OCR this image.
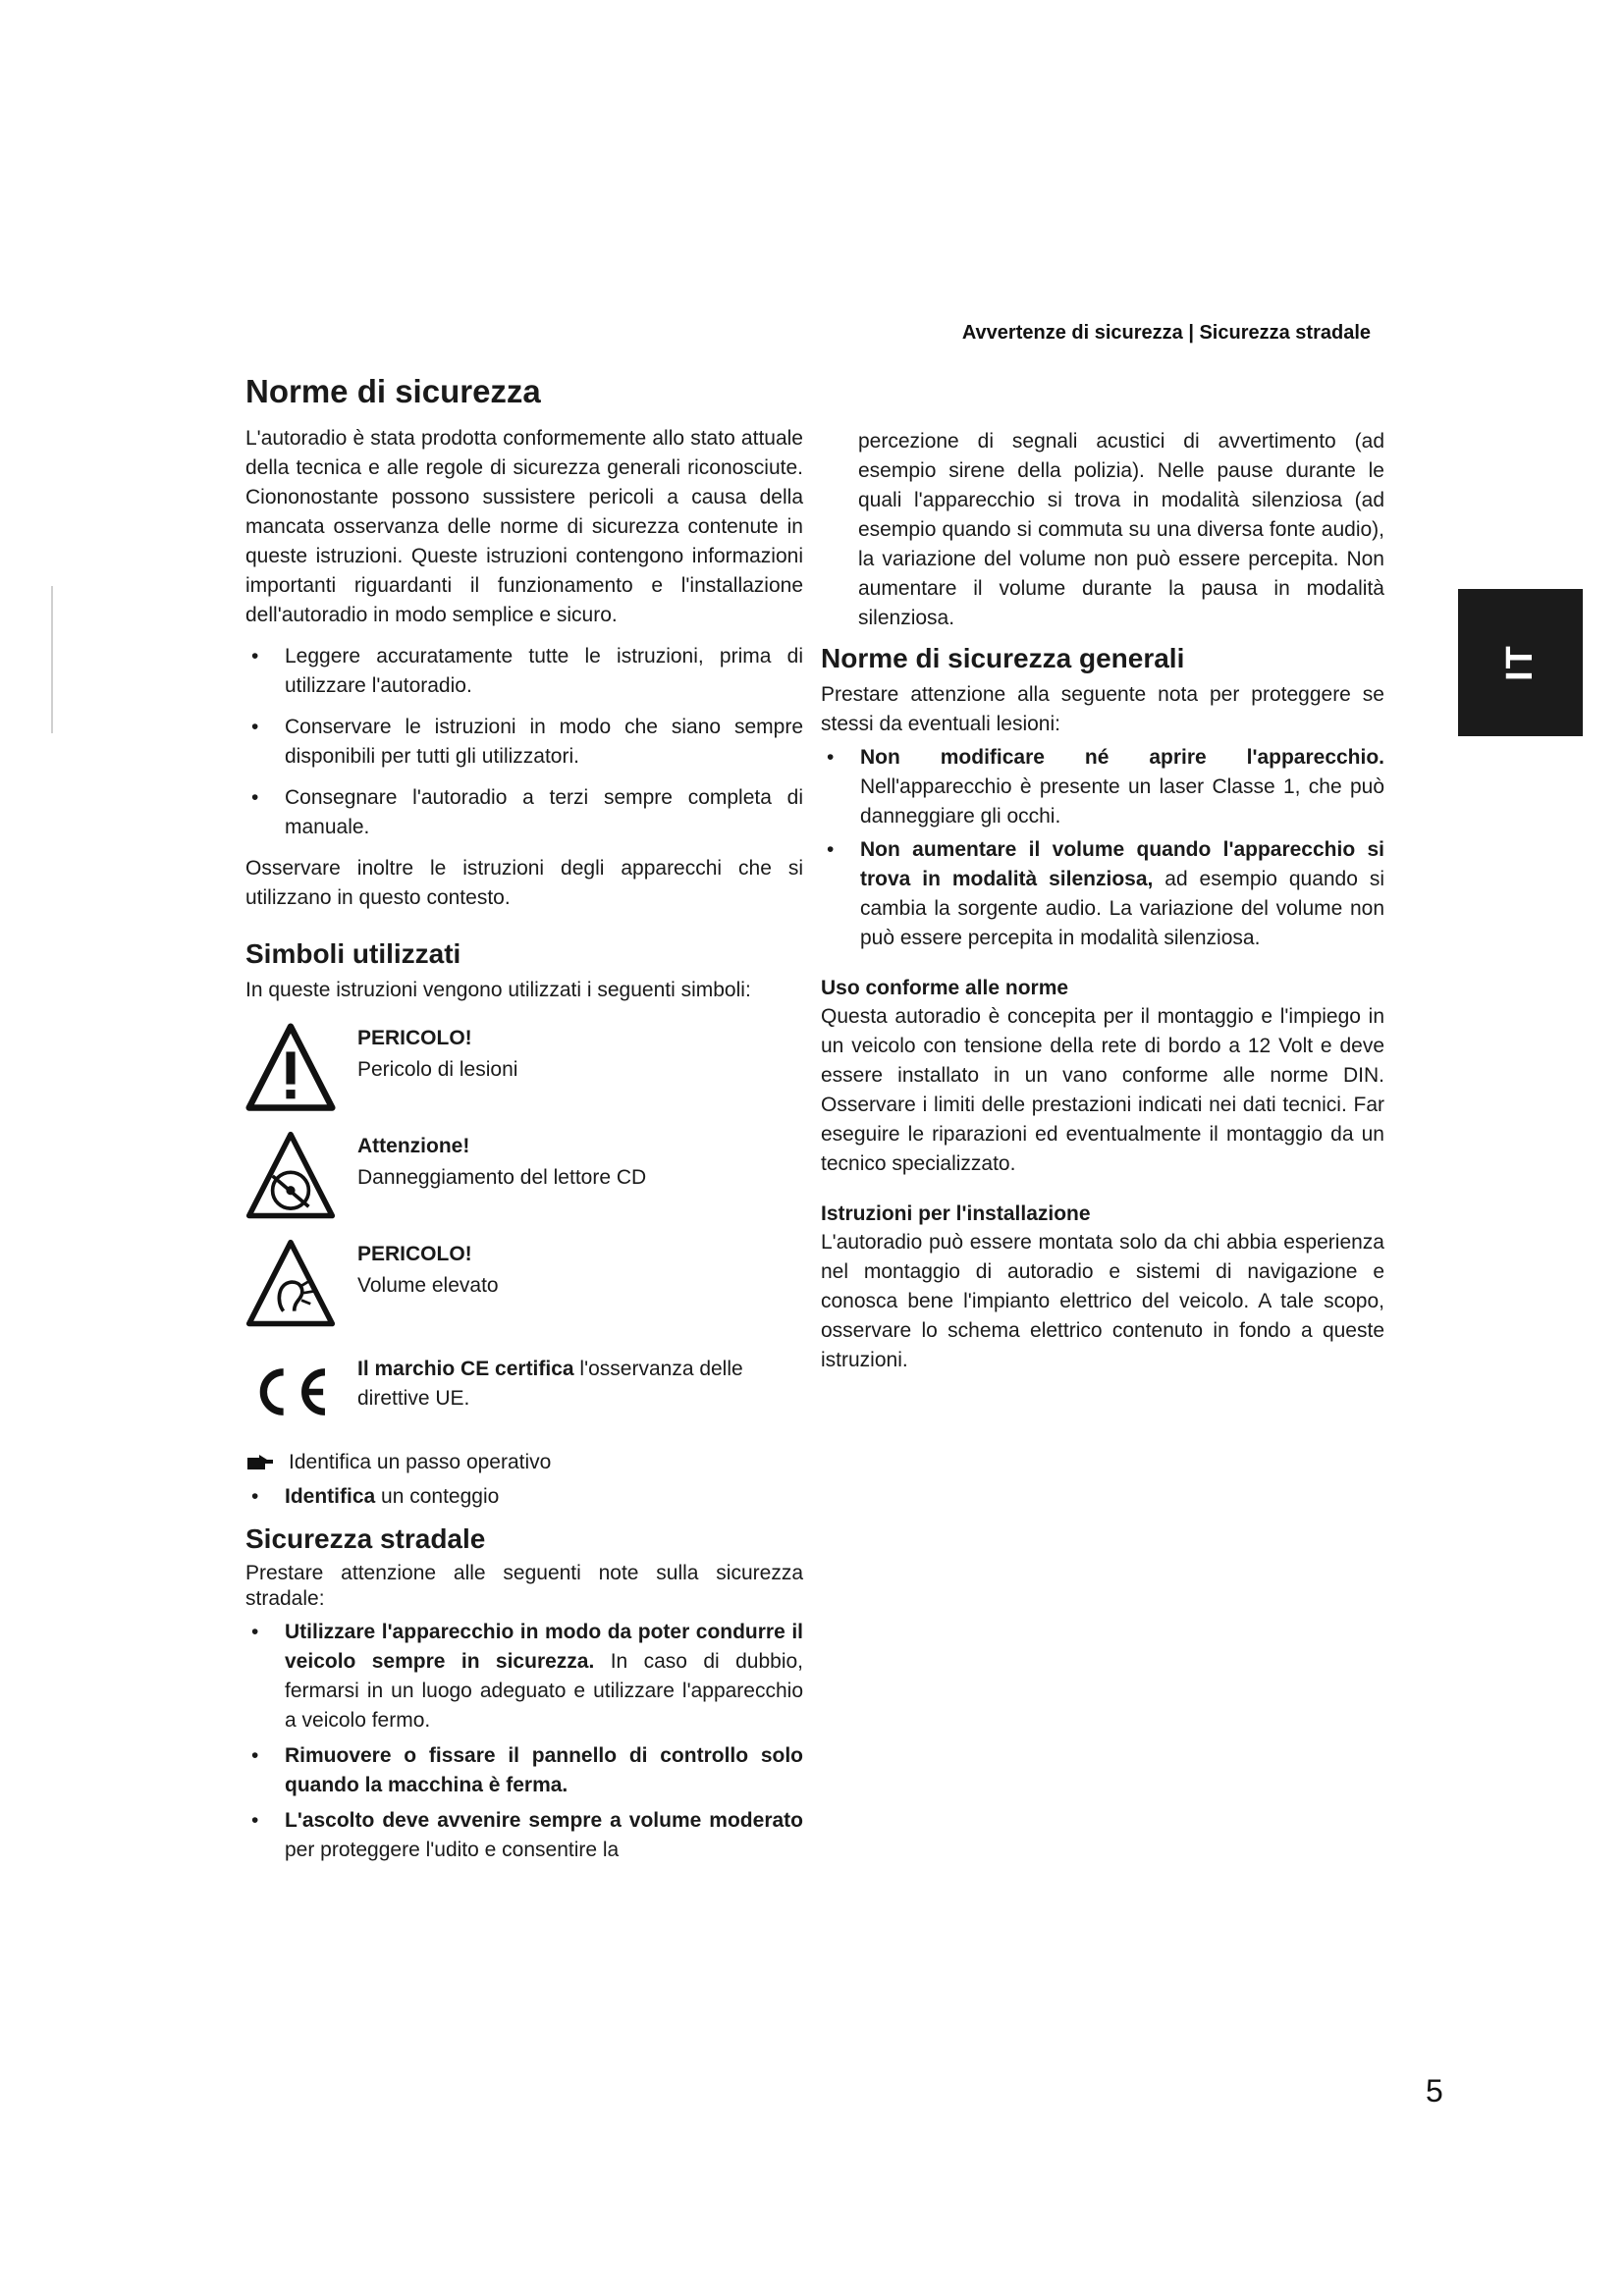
Avvertenze di sicurezza | Sicurezza stradale
IT
5
Norme di sicurezza

L'autoradio è stata prodotta conformemente allo stato attuale della tecnica e alle regole di sicurezza generali riconosciute. Ciononostante possono sussistere pericoli a causa della mancata osservanza delle norme di sicurezza contenute in queste istruzioni. Queste istruzioni contengono informazioni importanti riguardanti il funzionamento e l'installazione dell'autoradio in modo semplice e sicuro.

• Leggere accuratamente tutte le istruzioni, prima di utilizzare l'autoradio.
• Conservare le istruzioni in modo che siano sempre disponibili per tutti gli utilizzatori.
• Consegnare l'autoradio a terzi sempre completa di manuale.

Osservare inoltre le istruzioni degli apparecchi che si utilizzano in questo contesto.

Simboli utilizzati

In queste istruzioni vengono utilizzati i seguenti simboli:

PERICOLO!
Pericolo di lesioni
Attenzione!
Danneggiamento del lettore CD
PERICOLO!
Volume elevato
Il marchio CE certifica l'osservanza delle direttive UE.
Identifica un passo operativo
• Identifica un conteggio
Sicurezza stradale

Prestare attenzione alle seguenti note sulla sicurezza stradale:

• Utilizzare l'apparecchio in modo da poter condurre il veicolo sempre in sicurezza. In caso di dubbio, fermarsi in un luogo adeguato e utilizzare l'apparecchio a veicolo fermo.
• Rimuovere o fissare il pannello di controllo solo quando la macchina è ferma.
• L'ascolto deve avvenire sempre a volume moderato per proteggere l'udito e consentire la

percezione di segnali acustici di avvertimento (ad esempio sirene della polizia). Nelle pause durante le quali l'apparecchio si trova in modalità silenziosa (ad esempio quando si commuta su una diversa fonte audio), la variazione del volume non può essere percepita. Non aumentare il volume durante la pausa in modalità silenziosa.

Norme di sicurezza generali

Prestare attenzione alla seguente nota per proteggere se stessi da eventuali lesioni:

• Non modificare né aprire l'apparecchio. Nell'apparecchio è presente un laser Classe 1, che può danneggiare gli occhi.
• Non aumentare il volume quando l'apparecchio si trova in modalità silenziosa, ad esempio quando si cambia la sorgente audio. La variazione del volume non può essere percepita in modalità silenziosa.
Uso conforme alle norme

Questa autoradio è concepita per il montaggio e l'impiego in un veicolo con tensione della rete di bordo a 12 Volt e deve essere installato in un vano conforme alle norme DIN. Osservare i limiti delle prestazioni indicati nei dati tecnici. Far eseguire le riparazioni ed eventualmente il montaggio da un tecnico specializzato.

Istruzioni per l'installazione

L'autoradio può essere montata solo da chi abbia esperienza nel montaggio di autoradio e sistemi di navigazione e conosca bene l'impianto elettrico del veicolo. A tale scopo, osservare lo schema elettrico contenuto in fondo a queste istruzioni.
